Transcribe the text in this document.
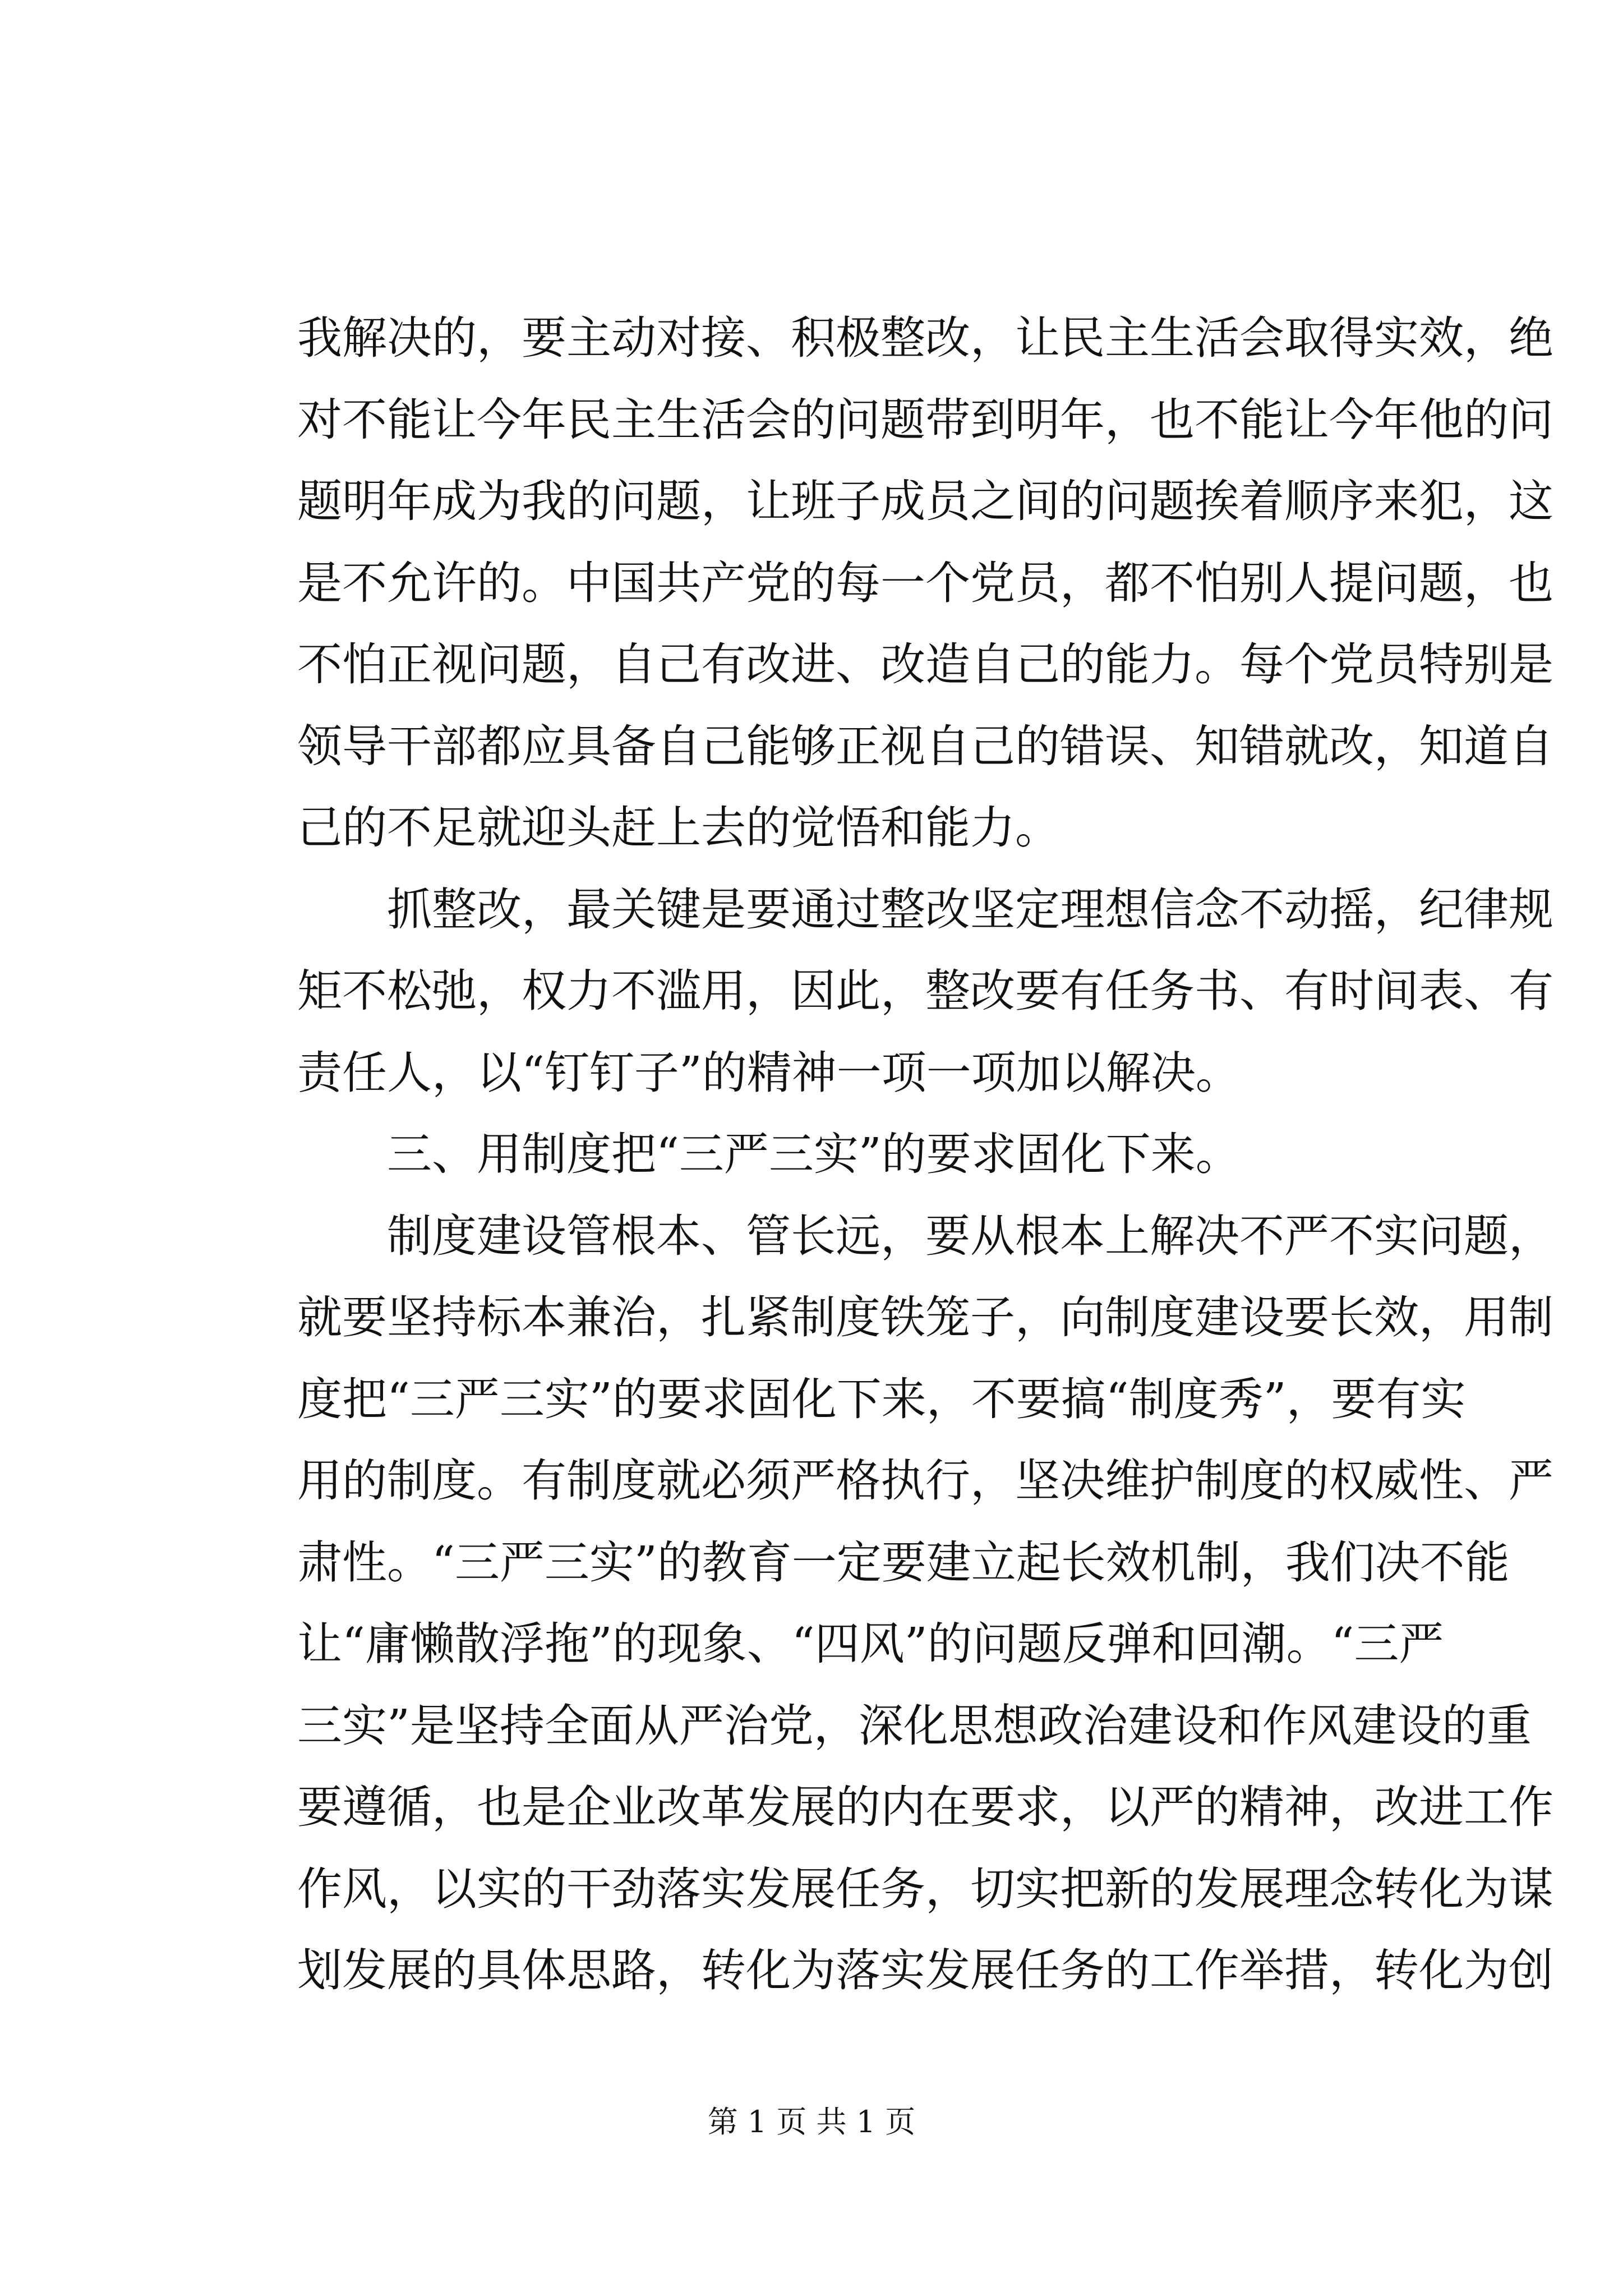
我解决的，要主动对接、积极整改，让民主生活会取得实效，绝
对不能让今年民主生活会的问题带到明年，也不能让今年他的问
题明年成为我的问题，让班子成员之间的问题挨着顺序来犯，这
是不允许的。中国共产党的每一个党员，都不怕别人提问题，也
不怕正视问题，自己有改进、改造自己的能力。每个党员特别是
领导干部都应具备自己能够正视自己的错误、知错就改，知道自
己的不足就迎头赶上去的觉悟和能力。
抓整改，最关键是要通过整改坚定理想信念不动摇，纪律规
矩不松弛，权力不滥用，因此，整改要有任务书、有时间表、有
责任人，以“钉钉子”的精神一项一项加以解决。
三、用制度把“三严三实”的要求固化下来。
制度建设管根本、管长远，要从根本上解决不严不实问题，
就要坚持标本兼治，扎紧制度铁笼子，向制度建设要长效，用制
度把“三严三实”的要求固化下来，不要搞“制度秀”，要有实
用的制度。有制度就必须严格执行，坚决维护制度的权威性、严
肃性。“三严三实”的教育一定要建立起长效机制，我们决不能
让“庸懒散浮拖”的现象、“四风”的问题反弹和回潮。“三严
三实”是坚持全面从严治党，深化思想政治建设和作风建设的重
要遵循，也是企业改革发展的内在要求，以严的精神，改进工作
作风，以实的干劲落实发展任务，切实把新的发展理念转化为谋
划发展的具体思路，转化为落实发展任务的工作举措，转化为创
第 1 页 共 1 页
